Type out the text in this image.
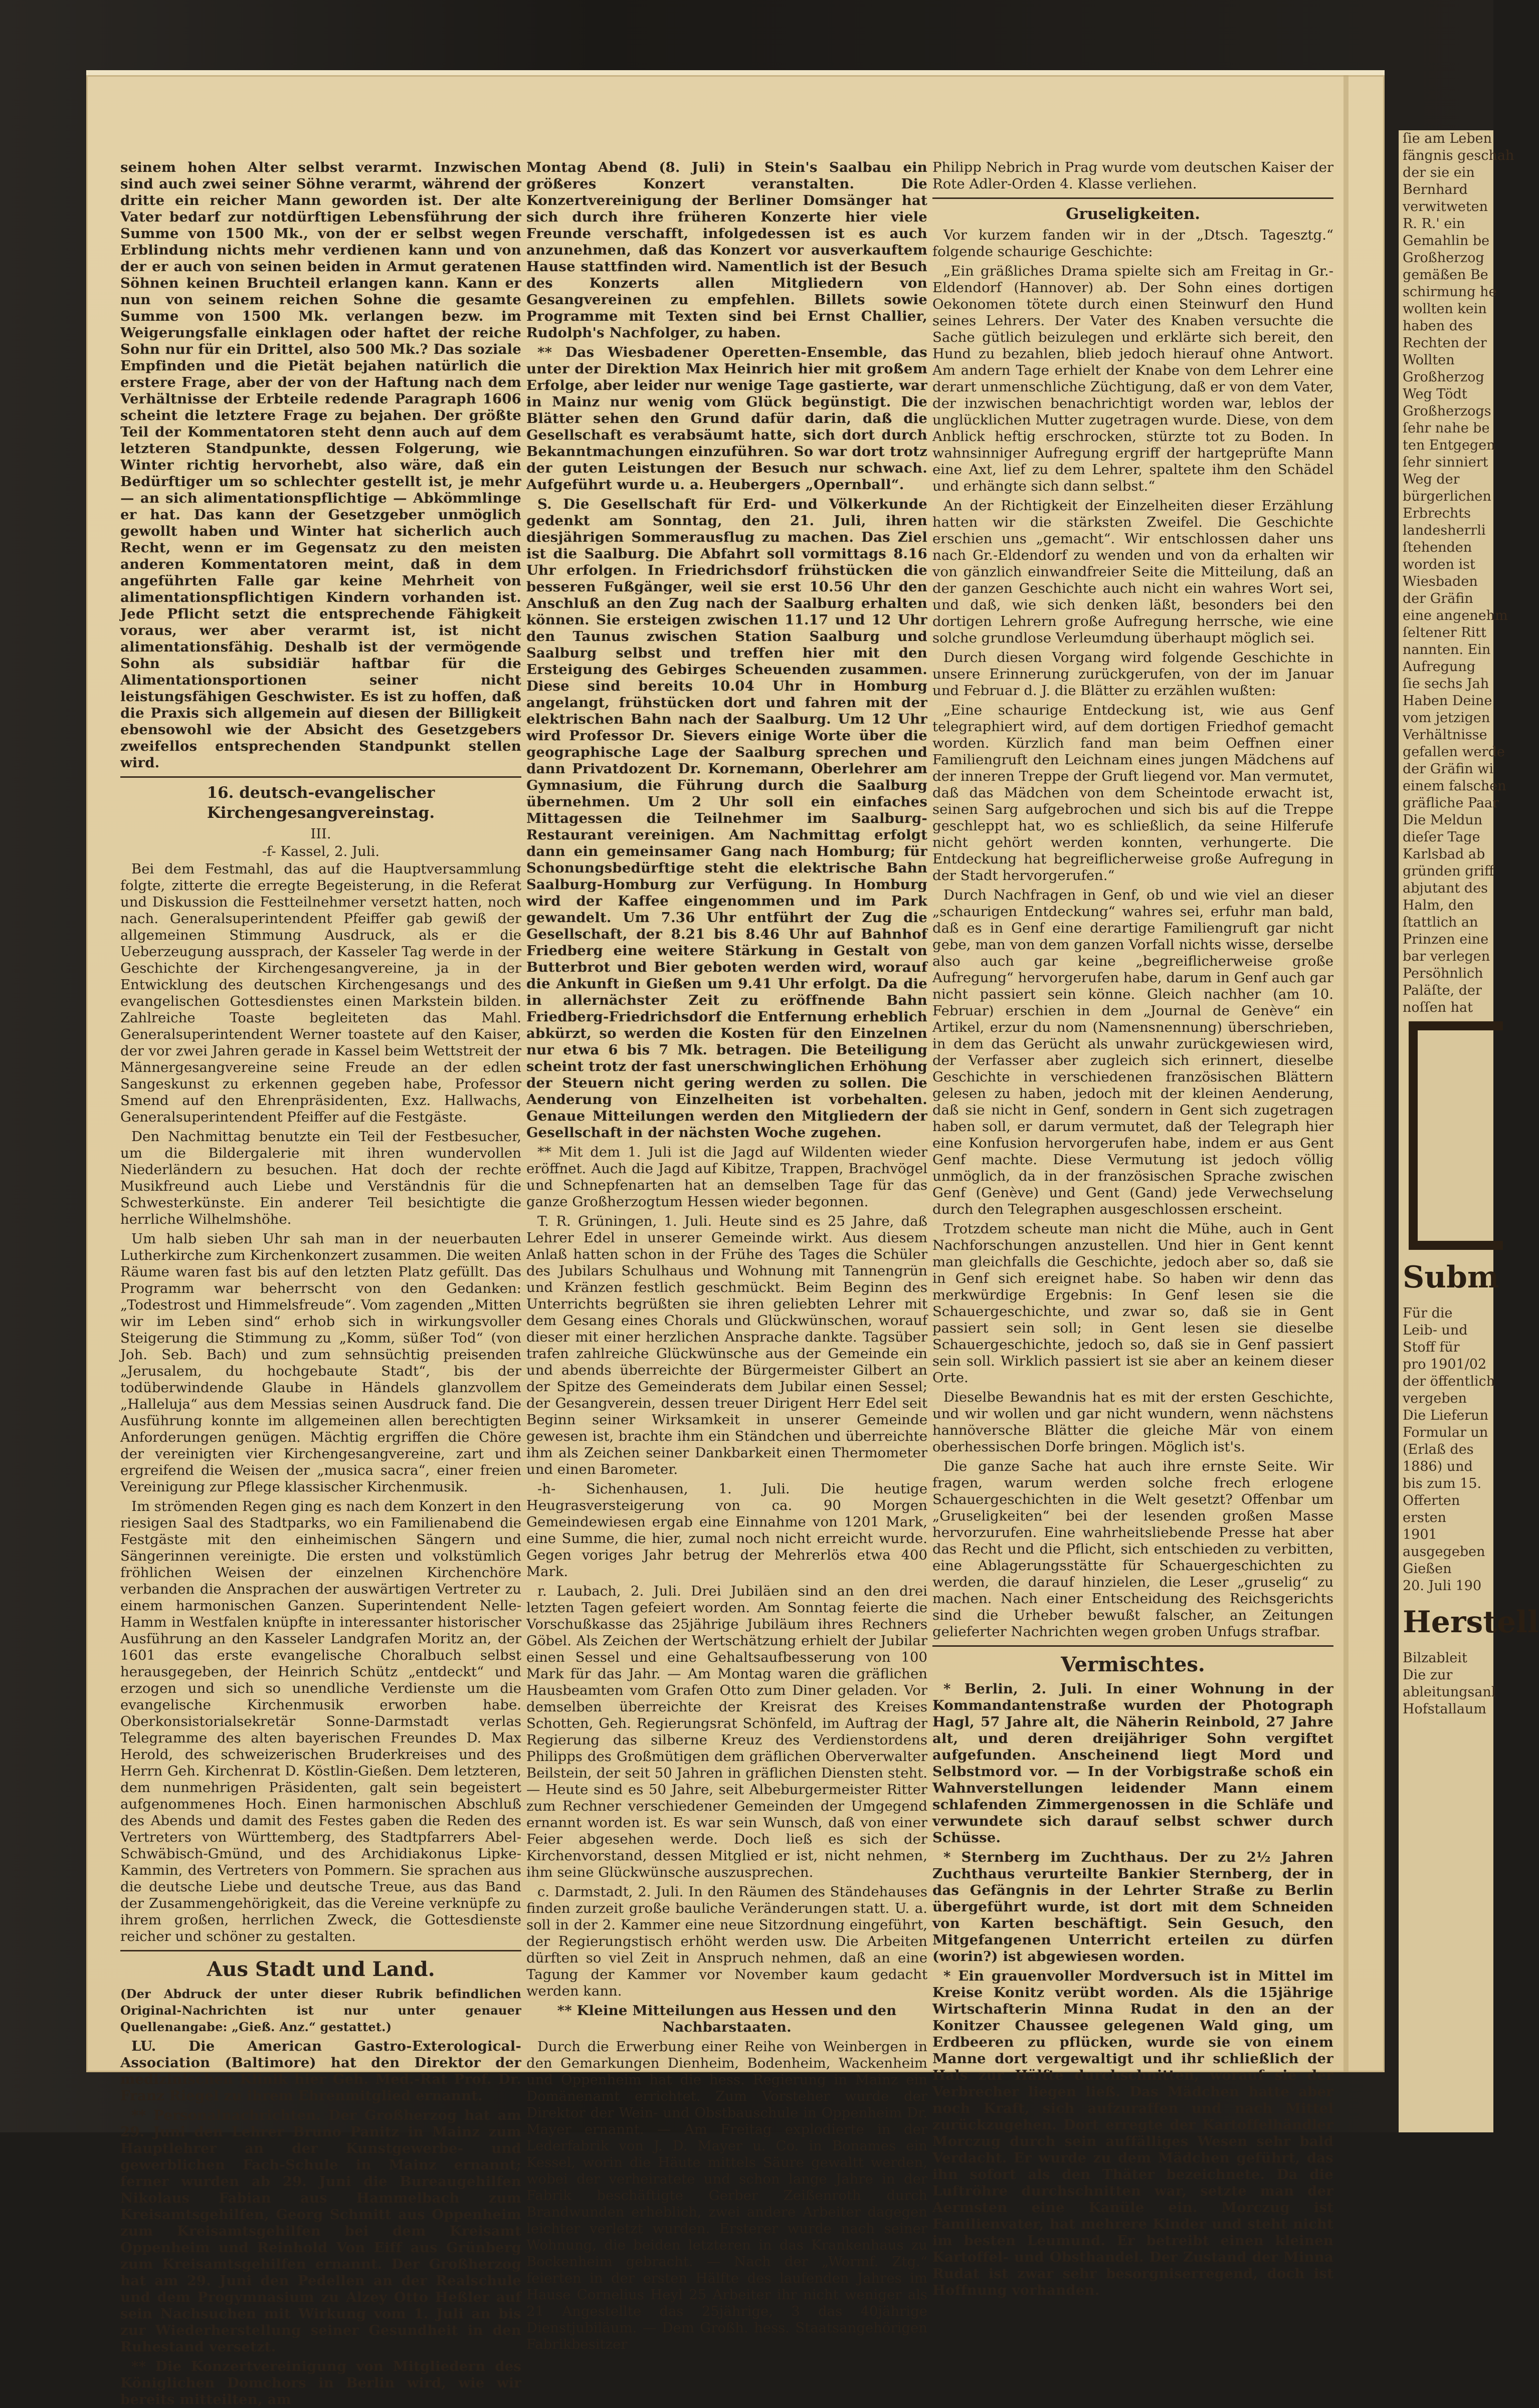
seinem hohen Alter selbst verarmt. Inzwischen sind auch zwei seiner Söhne verarmt, während der dritte ein reicher Mann geworden ist. Der alte Vater bedarf zur notdürftigen Lebensführung der Summe von 1500 Mk., von der er selbst wegen Erblindung nichts mehr verdienen kann und von der er auch von seinen beiden in Armut geratenen Söhnen keinen Bruchteil erlangen kann. Kann er nun von seinem reichen Sohne die gesamte Summe von 1500 Mk. verlangen bezw. im Weigerungsfalle einklagen oder haftet der reiche Sohn nur für ein Drittel, also 500 Mk.? Das soziale Empfinden und die Pietät bejahen natürlich die erstere Frage, aber der von der Haftung nach dem Verhältnisse der Erbteile redende Paragraph 1606 scheint die letztere Frage zu bejahen. Der größte Teil der Kommentatoren steht denn auch auf dem letzteren Standpunkte, dessen Folgerung, wie Winter richtig hervorhebt, also wäre, daß ein Bedürftiger um so schlechter gestellt ist, je mehr — an sich alimentationspflichtige — Abkömmlinge er hat. Das kann der Gesetzgeber unmöglich gewollt haben und Winter hat sicherlich auch Recht, wenn er im Gegensatz zu den meisten anderen Kommentatoren meint, daß in dem angeführten Falle gar keine Mehrheit von alimentationspflichtigen Kindern vorhanden ist. Jede Pflicht setzt die entsprechende Fähigkeit voraus, wer aber verarmt ist, ist nicht alimentationsfähig. Deshalb ist der vermögende Sohn als subsidiär haftbar für die Alimentationsportionen seiner nicht leistungsfähigen Geschwister. Es ist zu hoffen, daß die Praxis sich allgemein auf diesen der Billigkeit ebensowohl wie der Absicht des Gesetzgebers zweifellos entsprechenden Standpunkt stellen wird.

16. deutsch-evangelischer Kirchengesangvereinstag.
III.
-f- Kassel, 2. Juli.

Bei dem Festmahl, das auf die Hauptversammlung folgte, zitterte die erregte Begeisterung, in die Referat und Diskussion die Festteilnehmer versetzt hatten, noch nach. Generalsuperintendent Pfeiffer gab gewiß der allgemeinen Stimmung Ausdruck, als er die Ueberzeugung aussprach, der Kasseler Tag werde in der Geschichte der Kirchengesangvereine, ja in der Entwicklung des deutschen Kirchengesangs und des evangelischen Gottesdienstes einen Markstein bilden. Zahlreiche Toaste begleiteten das Mahl. Generalsuperintendent Werner toastete auf den Kaiser, der vor zwei Jahren gerade in Kassel beim Wettstreit der Männergesangvereine seine Freude an der edlen Sangeskunst zu erkennen gegeben habe, Professor Smend auf den Ehrenpräsidenten, Exz. Hallwachs, Generalsuperintendent Pfeiffer auf die Festgäste.

Den Nachmittag benutzte ein Teil der Festbesucher, um die Bildergalerie mit ihren wundervollen Niederländern zu besuchen. Hat doch der rechte Musikfreund auch Liebe und Verständnis für die Schwesterkünste. Ein anderer Teil besichtigte die herrliche Wilhelmshöhe.

Um halb sieben Uhr sah man in der neuerbauten Lutherkirche zum Kirchenkonzert zusammen. Die weiten Räume waren fast bis auf den letzten Platz gefüllt. Das Programm war beherrscht von den Gedanken: „Todestrost und Himmelsfreude“. Vom zagenden „Mitten wir im Leben sind“ erhob sich in wirkungsvoller Steigerung die Stimmung zu „Komm, süßer Tod“ (von Joh. Seb. Bach) und zum sehnsüchtig preisenden „Jerusalem, du hochgebaute Stadt“, bis der todüberwindende Glaube in Händels glanzvollem „Halleluja“ aus dem Messias seinen Ausdruck fand. Die Ausführung konnte im allgemeinen allen berechtigten Anforderungen genügen. Mächtig ergriffen die Chöre der vereinigten vier Kirchengesangvereine, zart und ergreifend die Weisen der „musica sacra“, einer freien Vereinigung zur Pflege klassischer Kirchenmusik.

Im strömenden Regen ging es nach dem Konzert in den riesigen Saal des Stadtparks, wo ein Familienabend die Festgäste mit den einheimischen Sängern und Sängerinnen vereinigte. Die ersten und volkstümlich fröhlichen Weisen der einzelnen Kirchenchöre verbanden die Ansprachen der auswärtigen Vertreter zu einem harmonischen Ganzen. Superintendent Nelle-Hamm in Westfalen knüpfte in interessanter historischer Ausführung an den Kasseler Landgrafen Moritz an, der 1601 das erste evangelische Choralbuch selbst herausgegeben, der Heinrich Schütz „entdeckt“ und erzogen und sich so unendliche Verdienste um die evangelische Kirchenmusik erworben habe. Oberkonsistorialsekretär Sonne-Darmstadt verlas Telegramme des alten bayerischen Freundes D. Max Herold, des schweizerischen Bruderkreises und des Herrn Geh. Kirchenrat D. Köstlin-Gießen. Dem letzteren, dem nunmehrigen Präsidenten, galt sein begeistert aufgenommenes Hoch. Einen harmonischen Abschluß des Abends und damit des Festes gaben die Reden des Vertreters von Württemberg, des Stadtpfarrers Abel-Schwäbisch-Gmünd, und des Archidiakonus Lipke-Kammin, des Vertreters von Pommern. Sie sprachen aus die deutsche Liebe und deutsche Treue, aus das Band der Zusammengehörigkeit, das die Vereine verknüpfe zu ihrem großen, herrlichen Zweck, die Gottesdienste reicher und schöner zu gestalten.

Aus Stadt und Land.

(Der Abdruck der unter dieser Rubrik befindlichen Original-Nachrichten ist nur unter genauer Quellenangabe: „Gieß. Anz.“ gestattet.)

LU. Die American Gastro-Exterological-Association (Baltimore) hat den Direktor der medizinischen Klinik hier Geh. Med.-Rat Prof. Dr. Franz Riegel zu ihrem Ehrenmitglied ernannt.

** Personalnachrichten. Der Großherzog hat am 29. Juni den Lehrer Bruno Panitz in Mainz zum Hauptlehrer an der Kunstgewerbe- und gewerblichen Fach-Schule in Mainz ernannt; ferner wurden ab 29. Juni die Bureaugehilfen Nikolaus Fabian aus Hammelbach zum Kreisamtsgehilfen, Georg Schmitt aus Oppenheim zum Kreisamtsgehilfen bei dem Kreisamt Oppenheim und Reinhold Von Eiff aus Grünberg zum Kreisamtsgehilfen ernannt. Der Großherzog hat am 29. Juni den Pedellen an der Realschule und dem Progymnasium zu Alzey Otto Heßler auf sein Nachsuchen mit Wirkung vom 1. Juli an bis zur Wiederherstellung seiner Gesundheit in den Ruhestand versetzt.

** Die Konzertvereinigung von Mitgliedern des Königlichen Domchors in Berlin wird, wie wir bereits mitteilten, am

Montag Abend (8. Juli) in Stein's Saalbau ein größeres Konzert veranstalten. Die Konzertvereinigung der Berliner Domsänger hat sich durch ihre früheren Konzerte hier viele Freunde verschafft, infolgedessen ist es auch anzunehmen, daß das Konzert vor ausverkauftem Hause stattfinden wird. Namentlich ist der Besuch des Konzerts allen Mitgliedern von Gesangvereinen zu empfehlen. Billets sowie Programme mit Texten sind bei Ernst Challier, Rudolph's Nachfolger, zu haben.

** Das Wiesbadener Operetten-Ensemble, das unter der Direktion Max Heinrich hier mit großem Erfolge, aber leider nur wenige Tage gastierte, war in Mainz nur wenig vom Glück begünstigt. Die Blätter sehen den Grund dafür darin, daß die Gesellschaft es verabsäumt hatte, sich dort durch Bekanntmachungen einzuführen. So war dort trotz der guten Leistungen der Besuch nur schwach. Aufgeführt wurde u. a. Heubergers „Opernball“.

S. Die Gesellschaft für Erd- und Völkerkunde gedenkt am Sonntag, den 21. Juli, ihren diesjährigen Sommerausflug zu machen. Das Ziel ist die Saalburg. Die Abfahrt soll vormittags 8.16 Uhr erfolgen. In Friedrichsdorf frühstücken die besseren Fußgänger, weil sie erst 10.56 Uhr den Anschluß an den Zug nach der Saalburg erhalten können. Sie ersteigen zwischen 11.17 und 12 Uhr den Taunus zwischen Station Saalburg und Saalburg selbst und treffen hier mit den Ersteigung des Gebirges Scheuenden zusammen. Diese sind bereits 10.04 Uhr in Homburg angelangt, frühstücken dort und fahren mit der elektrischen Bahn nach der Saalburg. Um 12 Uhr wird Professor Dr. Sievers einige Worte über die geographische Lage der Saalburg sprechen und dann Privatdozent Dr. Kornemann, Oberlehrer am Gymnasium, die Führung durch die Saalburg übernehmen. Um 2 Uhr soll ein einfaches Mittagessen die Teilnehmer im Saalburg-Restaurant vereinigen. Am Nachmittag erfolgt dann ein gemeinsamer Gang nach Homburg; für Schonungsbedürftige steht die elektrische Bahn Saalburg-Homburg zur Verfügung. In Homburg wird der Kaffee eingenommen und im Park gewandelt. Um 7.36 Uhr entführt der Zug die Gesellschaft, der 8.21 bis 8.46 Uhr auf Bahnhof Friedberg eine weitere Stärkung in Gestalt von Butterbrot und Bier geboten werden wird, worauf die Ankunft in Gießen um 9.41 Uhr erfolgt. Da die in allernächster Zeit zu eröffnende Bahn Friedberg-Friedrichsdorf die Entfernung erheblich abkürzt, so werden die Kosten für den Einzelnen nur etwa 6 bis 7 Mk. betragen. Die Beteiligung scheint trotz der fast unerschwinglichen Erhöhung der Steuern nicht gering werden zu sollen. Die Aenderung von Einzelheiten ist vorbehalten. Genaue Mitteilungen werden den Mitgliedern der Gesellschaft in der nächsten Woche zugehen.

** Mit dem 1. Juli ist die Jagd auf Wildenten wieder eröffnet. Auch die Jagd auf Kibitze, Trappen, Brachvögel und Schnepfenarten hat an demselben Tage für das ganze Großherzogtum Hessen wieder begonnen.

T. R. Grüningen, 1. Juli. Heute sind es 25 Jahre, daß Lehrer Edel in unserer Gemeinde wirkt. Aus diesem Anlaß hatten schon in der Frühe des Tages die Schüler des Jubilars Schulhaus und Wohnung mit Tannengrün und Kränzen festlich geschmückt. Beim Beginn des Unterrichts begrüßten sie ihren geliebten Lehrer mit dem Gesang eines Chorals und Glückwünschen, worauf dieser mit einer herzlichen Ansprache dankte. Tagsüber trafen zahlreiche Glückwünsche aus der Gemeinde ein und abends überreichte der Bürgermeister Gilbert an der Spitze des Gemeinderats dem Jubilar einen Sessel; der Gesangverein, dessen treuer Dirigent Herr Edel seit Beginn seiner Wirksamkeit in unserer Gemeinde gewesen ist, brachte ihm ein Ständchen und überreichte ihm als Zeichen seiner Dankbarkeit einen Thermometer und einen Barometer.

-h- Sichenhausen, 1. Juli. Die heutige Heugrasversteigerung von ca. 90 Morgen Gemeindewiesen ergab eine Einnahme von 1201 Mark, eine Summe, die hier, zumal noch nicht erreicht wurde. Gegen voriges Jahr betrug der Mehrerlös etwa 400 Mark.

r. Laubach, 2. Juli. Drei Jubiläen sind an den drei letzten Tagen gefeiert worden. Am Sonntag feierte die Vorschußkasse das 25jährige Jubiläum ihres Rechners Göbel. Als Zeichen der Wertschätzung erhielt der Jubilar einen Sessel und eine Gehaltsaufbesserung von 100 Mark für das Jahr. — Am Montag waren die gräflichen Hausbeamten vom Grafen Otto zum Diner geladen. Vor demselben überreichte der Kreisrat des Kreises Schotten, Geh. Regierungsrat Schönfeld, im Auftrag der Regierung das silberne Kreuz des Verdienstordens Philipps des Großmütigen dem gräflichen Oberverwalter Beilstein, der seit 50 Jahren in gräflichen Diensten steht. — Heute sind es 50 Jahre, seit Albeburgermeister Ritter zum Rechner verschiedener Gemeinden der Umgegend ernannt worden ist. Es war sein Wunsch, daß von einer Feier abgesehen werde. Doch ließ es sich der Kirchenvorstand, dessen Mitglied er ist, nicht nehmen, ihm seine Glückwünsche auszusprechen.

c. Darmstadt, 2. Juli. In den Räumen des Ständehauses finden zurzeit große bauliche Veränderungen statt. U. a. soll in der 2. Kammer eine neue Sitzordnung eingeführt, der Regierungstisch erhöht werden usw. Die Arbeiten dürften so viel Zeit in Anspruch nehmen, daß an eine Tagung der Kammer vor November kaum gedacht werden kann.

** Kleine Mitteilungen aus Hessen und den Nachbarstaaten.

Durch die Erwerbung einer Reihe von Weinbergen in den Gemarkungen Dienheim, Bodenheim, Wackenheim und Oppenheim hat die hess. Regierung in Mainz ein Domänenamt errichtet. Zum Vorsteher wurde der Direktor der Wein- und Obstbauschule in Oppenheim Dr. Mayer ernannt. — Am Freitag explodierte in der Lederfabrik von J. D. Mayer u. Co. in Bonames ein Kessel, worin die Häute mittels Säure gewaltt werden, wobei der verheiratete und schon lange Jahre in der Fabrik beschäftigte Gerber Zeißenroth durch Brandwunden erheblich, zwei andere Arbeiter dagegen leichter verletzt wurden. Ersterer wurde nach seiner Wohnung, die beiden letzteren in das Krankenhaus zu Bockenheim gebracht. — Nach der „Wormf. Ztg.“ feierten in der ersten Hälfte des laufenden Jahres im Hause Cornelius Heyl 25 Arbeiter ihr nicht weniger als 21 Angestellte das 25jährige, 3 das 40jährige Dienstjubiläum. — Dem Großh. hess. Staatsangehörigen Fabrikbesitzer

Philipp Nebrich in Prag wurde vom deutschen Kaiser der Rote Adler-Orden 4. Klasse verliehen.

Gruseligkeiten.

Vor kurzem fanden wir in der „Dtsch. Tagesztg.“ folgende schaurige Geschichte:

„Ein gräßliches Drama spielte sich am Freitag in Gr.-Eldendorf (Hannover) ab. Der Sohn eines dortigen Oekonomen tötete durch einen Steinwurf den Hund seines Lehrers. Der Vater des Knaben versuchte die Sache gütlich beizulegen und erklärte sich bereit, den Hund zu bezahlen, blieb jedoch hierauf ohne Antwort. Am andern Tage erhielt der Knabe von dem Lehrer eine derart unmenschliche Züchtigung, daß er von dem Vater, der inzwischen benachrichtigt worden war, leblos der unglücklichen Mutter zugetragen wurde. Diese, von dem Anblick heftig erschrocken, stürzte tot zu Boden. In wahnsinniger Aufregung ergriff der hartgeprüfte Mann eine Axt, lief zu dem Lehrer, spaltete ihm den Schädel und erhängte sich dann selbst.“

An der Richtigkeit der Einzelheiten dieser Erzählung hatten wir die stärksten Zweifel. Die Geschichte erschien uns „gemacht“. Wir entschlossen daher uns nach Gr.-Eldendorf zu wenden und von da erhalten wir von gänzlich einwandfreier Seite die Mitteilung, daß an der ganzen Geschichte auch nicht ein wahres Wort sei, und daß, wie sich denken läßt, besonders bei den dortigen Lehrern große Aufregung herrsche, wie eine solche grundlose Verleumdung überhaupt möglich sei.

Durch diesen Vorgang wird folgende Geschichte in unsere Erinnerung zurückgerufen, von der im Januar und Februar d. J. die Blätter zu erzählen wußten:

„Eine schaurige Entdeckung ist, wie aus Genf telegraphiert wird, auf dem dortigen Friedhof gemacht worden. Kürzlich fand man beim Oeffnen einer Familiengruft den Leichnam eines jungen Mädchens auf der inneren Treppe der Gruft liegend vor. Man vermutet, daß das Mädchen von dem Scheintode erwacht ist, seinen Sarg aufgebrochen und sich bis auf die Treppe geschleppt hat, wo es schließlich, da seine Hilferufe nicht gehört werden konnten, verhungerte. Die Entdeckung hat begreiflicherweise große Aufregung in der Stadt hervorgerufen.“

Durch Nachfragen in Genf, ob und wie viel an dieser „schaurigen Entdeckung“ wahres sei, erfuhr man bald, daß es in Genf eine derartige Familiengruft gar nicht gebe, man von dem ganzen Vorfall nichts wisse, derselbe also auch gar keine „begreiflicherweise große Aufregung“ hervorgerufen habe, darum in Genf auch gar nicht passiert sein könne. Gleich nachher (am 10. Februar) erschien in dem „Journal de Genève“ ein Artikel, erzur du nom (Namensnennung) überschrieben, in dem das Gerücht als unwahr zurückgewiesen wird, der Verfasser aber zugleich sich erinnert, dieselbe Geschichte in verschiedenen französischen Blättern gelesen zu haben, jedoch mit der kleinen Aenderung, daß sie nicht in Genf, sondern in Gent sich zugetragen haben soll, er darum vermutet, daß der Telegraph hier eine Konfusion hervorgerufen habe, indem er aus Gent Genf machte. Diese Vermutung ist jedoch völlig unmöglich, da in der französischen Sprache zwischen Genf (Genève) und Gent (Gand) jede Verwechselung durch den Telegraphen ausgeschlossen erscheint.

Trotzdem scheute man nicht die Mühe, auch in Gent Nachforschungen anzustellen. Und hier in Gent kennt man gleichfalls die Geschichte, jedoch aber so, daß sie in Genf sich ereignet habe. So haben wir denn das merkwürdige Ergebnis: In Genf lesen sie die Schauergeschichte, und zwar so, daß sie in Gent passiert sein soll; in Gent lesen sie dieselbe Schauergeschichte, jedoch so, daß sie in Genf passiert sein soll. Wirklich passiert ist sie aber an keinem dieser Orte.

Dieselbe Bewandnis hat es mit der ersten Geschichte, und wir wollen und gar nicht wundern, wenn nächstens hannöversche Blätter die gleiche Mär von einem oberhessischen Dorfe bringen. Möglich ist's.

Die ganze Sache hat auch ihre ernste Seite. Wir fragen, warum werden solche frech erlogene Schauergeschichten in die Welt gesetzt? Offenbar um „Gruseligkeiten“ bei der lesenden großen Masse hervorzurufen. Eine wahrheitsliebende Presse hat aber das Recht und die Pflicht, sich entschieden zu verbitten, eine Ablagerungsstätte für Schauergeschichten zu werden, die darauf hinzielen, die Leser „gruselig“ zu machen. Nach einer Entscheidung des Reichsgerichts sind die Urheber bewußt falscher, an Zeitungen gelieferter Nachrichten wegen groben Unfugs strafbar.

Vermischtes.

* Berlin, 2. Juli. In einer Wohnung in der Kommandantenstraße wurden der Photograph Hagl, 57 Jahre alt, die Näherin Reinbold, 27 Jahre alt, und deren dreijähriger Sohn vergiftet aufgefunden. Anscheinend liegt Mord und Selbstmord vor. — In der Vorbigstraße schoß ein Wahnverstellungen leidender Mann einem schlafenden Zimmergenossen in die Schläfe und verwundete sich darauf selbst schwer durch Schüsse.

* Sternberg im Zuchthaus. Der zu 2½ Jahren Zuchthaus verurteilte Bankier Sternberg, der in das Gefängnis in der Lehrter Straße zu Berlin übergeführt wurde, ist dort mit dem Schneiden von Karten beschäftigt. Sein Gesuch, den Mitgefangenen Unterricht erteilen zu dürfen (worin?) ist abgewiesen worden.

* Ein grauenvoller Mordversuch ist in Mittel im Kreise Konitz verübt worden. Als die 15jährige Wirtschafterin Minna Rudat in den an der Konitzer Chaussee gelegenen Wald ging, um Erdbeeren zu pflücken, wurde sie von einem Manne dort vergewaltigt und ihr schließlich der Hals zur Hälfte durchschnitten, worauf sie der Verbrecher liegen ließ. Das Mädchen hatte aber noch Kraft, sich aufzuraffen und nach Mittel zurückzugehen. Dort erregte der Kartoffelhändler Morczug durch sein auffälliges Wesen sehr bald Verdacht. Er wurde zu dem Mädchen geführt, das ihn sofort als den Thäter bezeichnete. Da die Luftröhre durchschnitten war, setzte man der Aermsten eine Kanüle ein. Morczug ist Familienvater, hat mehrere Kinder und steht nicht im besten Leumund. Er betreibt einen kleinen Kartoffel- und Obsthandel. Der Zustand der Minna Rudat ist zwar sehr besorgniserregend, doch ist Hoffnung vorhanden.

ſie am Leben
fängnis geschah
der sie ein
Bernhard
verwitweten
R. R.' ein
Gemahlin be
Großherzog
gemäßen Be
schirmung he
wollten kein
haben des
Rechten der
Wollten
Großherzog
Weg Tödt
Großherzogs
ſehr nahe be
ten Entgegen
ſehr sinniert
Weg der
bürgerlichen
Erbrechts
landesherrli
ſtehenden
worden ist
Wiesbaden
der Gräfin
eine angenehm
ſeltener Ritt
nannten. Ein
Aufregung
ſie sechs Jah
Haben Deine
vom jetzigen
Verhältnisse
gefallen werde
der Gräfin wi
einem falschen
gräfliche Paar
Die Meldun
dieſer Tage
Karlsbad ab
gründen griff
abjutant des
Halm, den
ſtattlich an
Prinzen eine
bar verlegen
Persöhnlich
Paläſte, der
noſſen hat
Subm
Für die
Leib- und
Stoff für
pro 1901/02
der öffentlich
vergeben
Die Lieferun
Formular un
(Erlaß des
1886) und
bis zum 15.
Offerten
ersten
1901
ausgegeben
Gießen
20. Juli 190
Herstell
Bilzableit
Die zur
ableitungsanl
Hofstallaum
